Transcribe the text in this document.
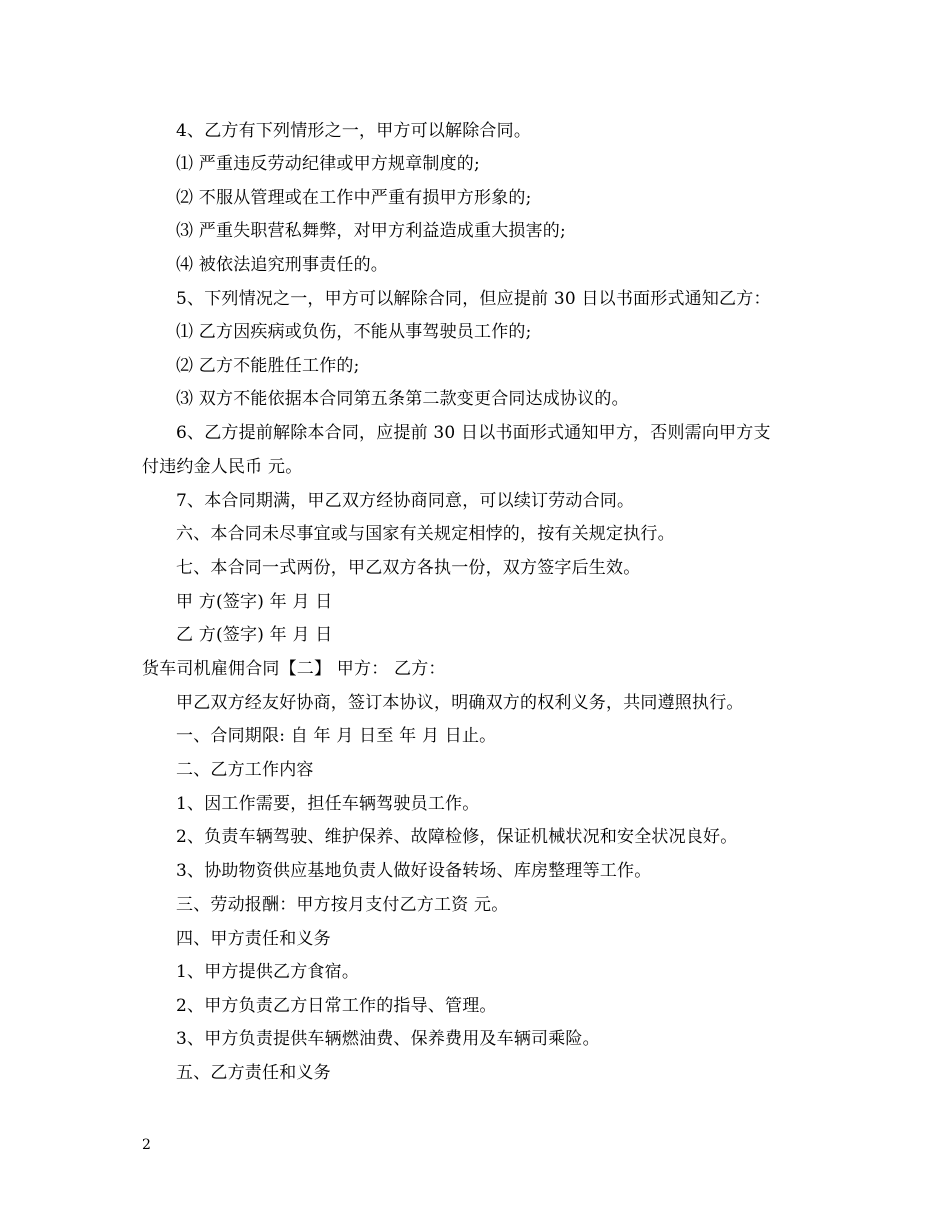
4、乙方有下列情形之一，甲方可以解除合同。
⑴ 严重违反劳动纪律或甲方规章制度的;
⑵ 不服从管理或在工作中严重有损甲方形象的;
⑶ 严重失职营私舞弊，对甲方利益造成重大损害的;
⑷ 被依法追究刑事责任的。
5、下列情况之一，甲方可以解除合同，但应提前 30 日以书面形式通知乙方：
⑴ 乙方因疾病或负伤，不能从事驾驶员工作的;
⑵ 乙方不能胜任工作的;
⑶ 双方不能依据本合同第五条第二款变更合同达成协议的。
6、乙方提前解除本合同，应提前 30 日以书面形式通知甲方，否则需向甲方支
付违约金人民币 元。
7、本合同期满，甲乙双方经协商同意，可以续订劳动合同。
六、本合同未尽事宜或与国家有关规定相悖的，按有关规定执行。
七、本合同一式两份，甲乙双方各执一份，双方签字后生效。
甲 方(签字) 年 月 日
乙 方(签字) 年 月 日
货车司机雇佣合同【二】 甲方： 乙方：
甲乙双方经友好协商，签订本协议，明确双方的权利义务，共同遵照执行。
一、合同期限: 自 年 月 日至 年 月 日止。
二、乙方工作内容
1、因工作需要，担任车辆驾驶员工作。
2、负责车辆驾驶、维护保养、故障检修，保证机械状况和安全状况良好。
3、协助物资供应基地负责人做好设备转场、库房整理等工作。
三、劳动报酬：甲方按月支付乙方工资 元。
四、甲方责任和义务
1、甲方提供乙方食宿。
2、甲方负责乙方日常工作的指导、管理。
3、甲方负责提供车辆燃油费、保养费用及车辆司乘险。
五、乙方责任和义务
2
